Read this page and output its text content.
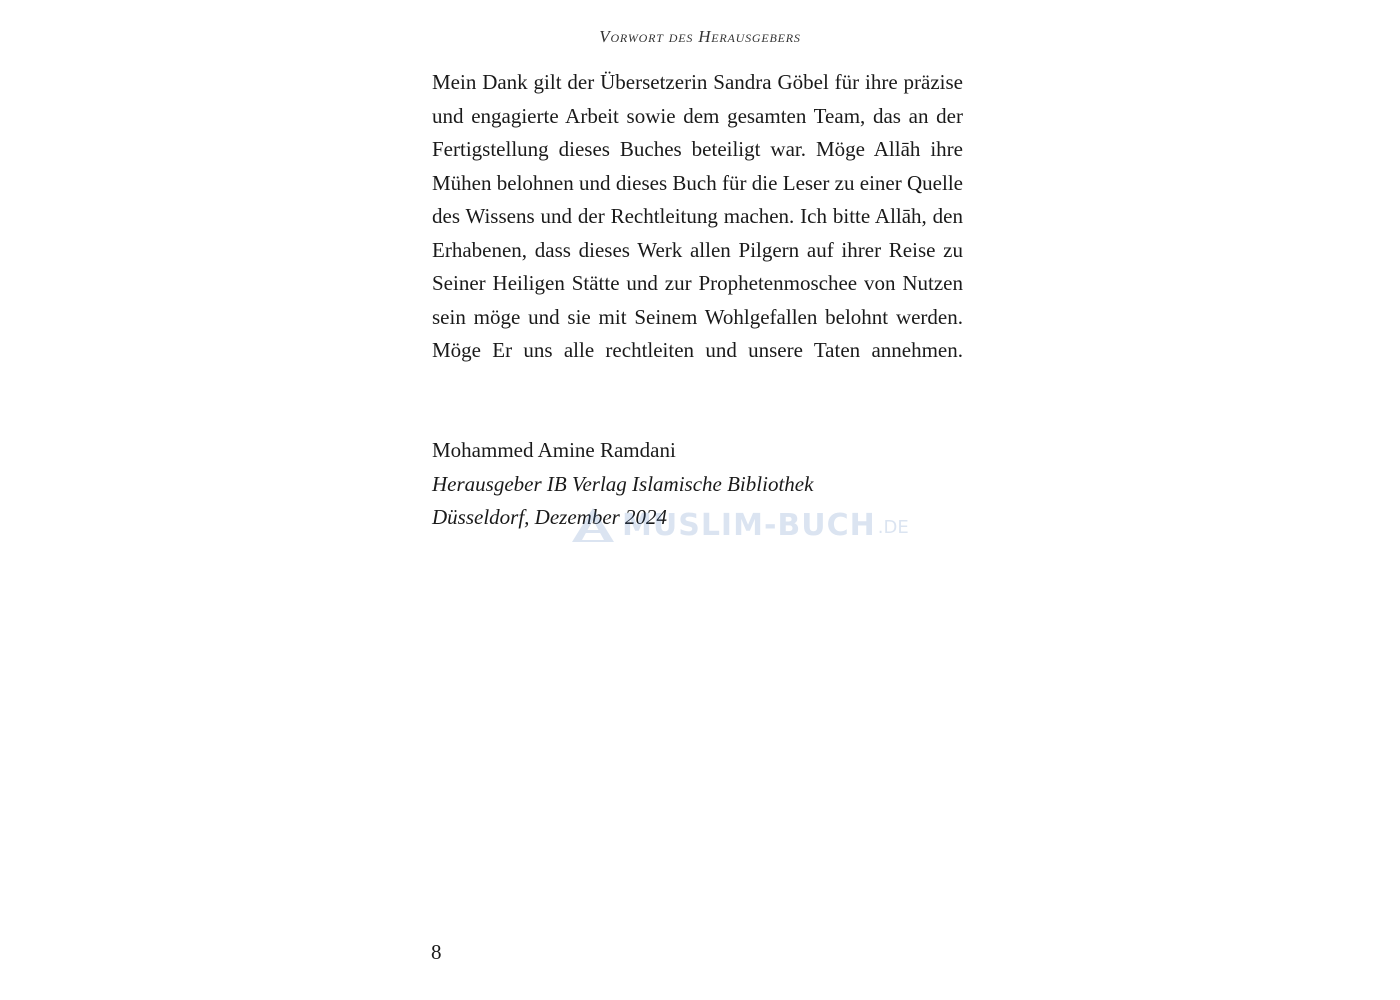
Vorwort des Herausgebers

Mein Dank gilt der Übersetzerin Sandra Göbel für ihre präzise und engagierte Arbeit sowie dem gesamten Team, das an der Fertigstellung dieses Buches beteiligt war. Möge Allāh ihre Mühen belohnen und dieses Buch für die Leser zu einer Quelle des Wissens und der Rechtleitung machen. Ich bitte Allāh, den Erhabenen, dass dieses Werk allen Pilgern auf ihrer Reise zu Seiner Heiligen Stätte und zur Prophetenmoschee von Nutzen sein möge und sie mit Seinem Wohlgefallen belohnt werden. Möge Er uns alle rechtleiten und unsere Taten annehmen.

Mohammed Amine Ramdani
Herausgeber IB Verlag Islamische Bibliothek
Düsseldorf, Dezember 2024
MUSLIM-BUCH .DE
8
